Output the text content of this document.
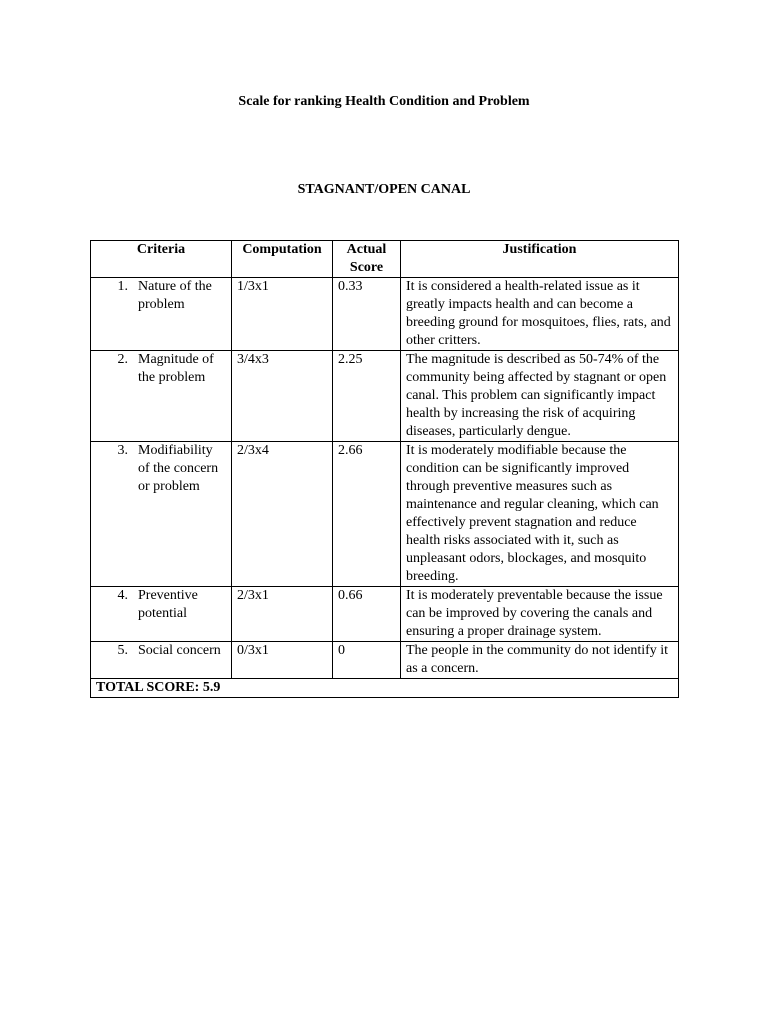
Scale for ranking Health Condition and Problem
STAGNANT/OPEN CANAL
Criteria	Computation	Actual Score	Justification

1. Nature of the problem	1/3x1	0.33	It is considered a health-related issue as it greatly impacts health and can become a breeding ground for mosquitoes, flies, rats, and other critters.

2. Magnitude of the problem	3/4x3	2.25	The magnitude is described as 50-74% of the community being affected by stagnant or open canal. This problem can significantly impact health by increasing the risk of acquiring diseases, particularly dengue.

3. Modifiability of the concern or problem	2/3x4	2.66	It is moderately modifiable because the condition can be significantly improved through preventive measures such as maintenance and regular cleaning, which can effectively prevent stagnation and reduce health risks associated with it, such as unpleasant odors, blockages, and mosquito breeding.

4. Preventive potential	2/3x1	0.66	It is moderately preventable because the issue can be improved by covering the canals and ensuring a proper drainage system.

5. Social concern	0/3x1	0	The people in the community do not identify it as a concern.
TOTAL SCORE: 5.9			
